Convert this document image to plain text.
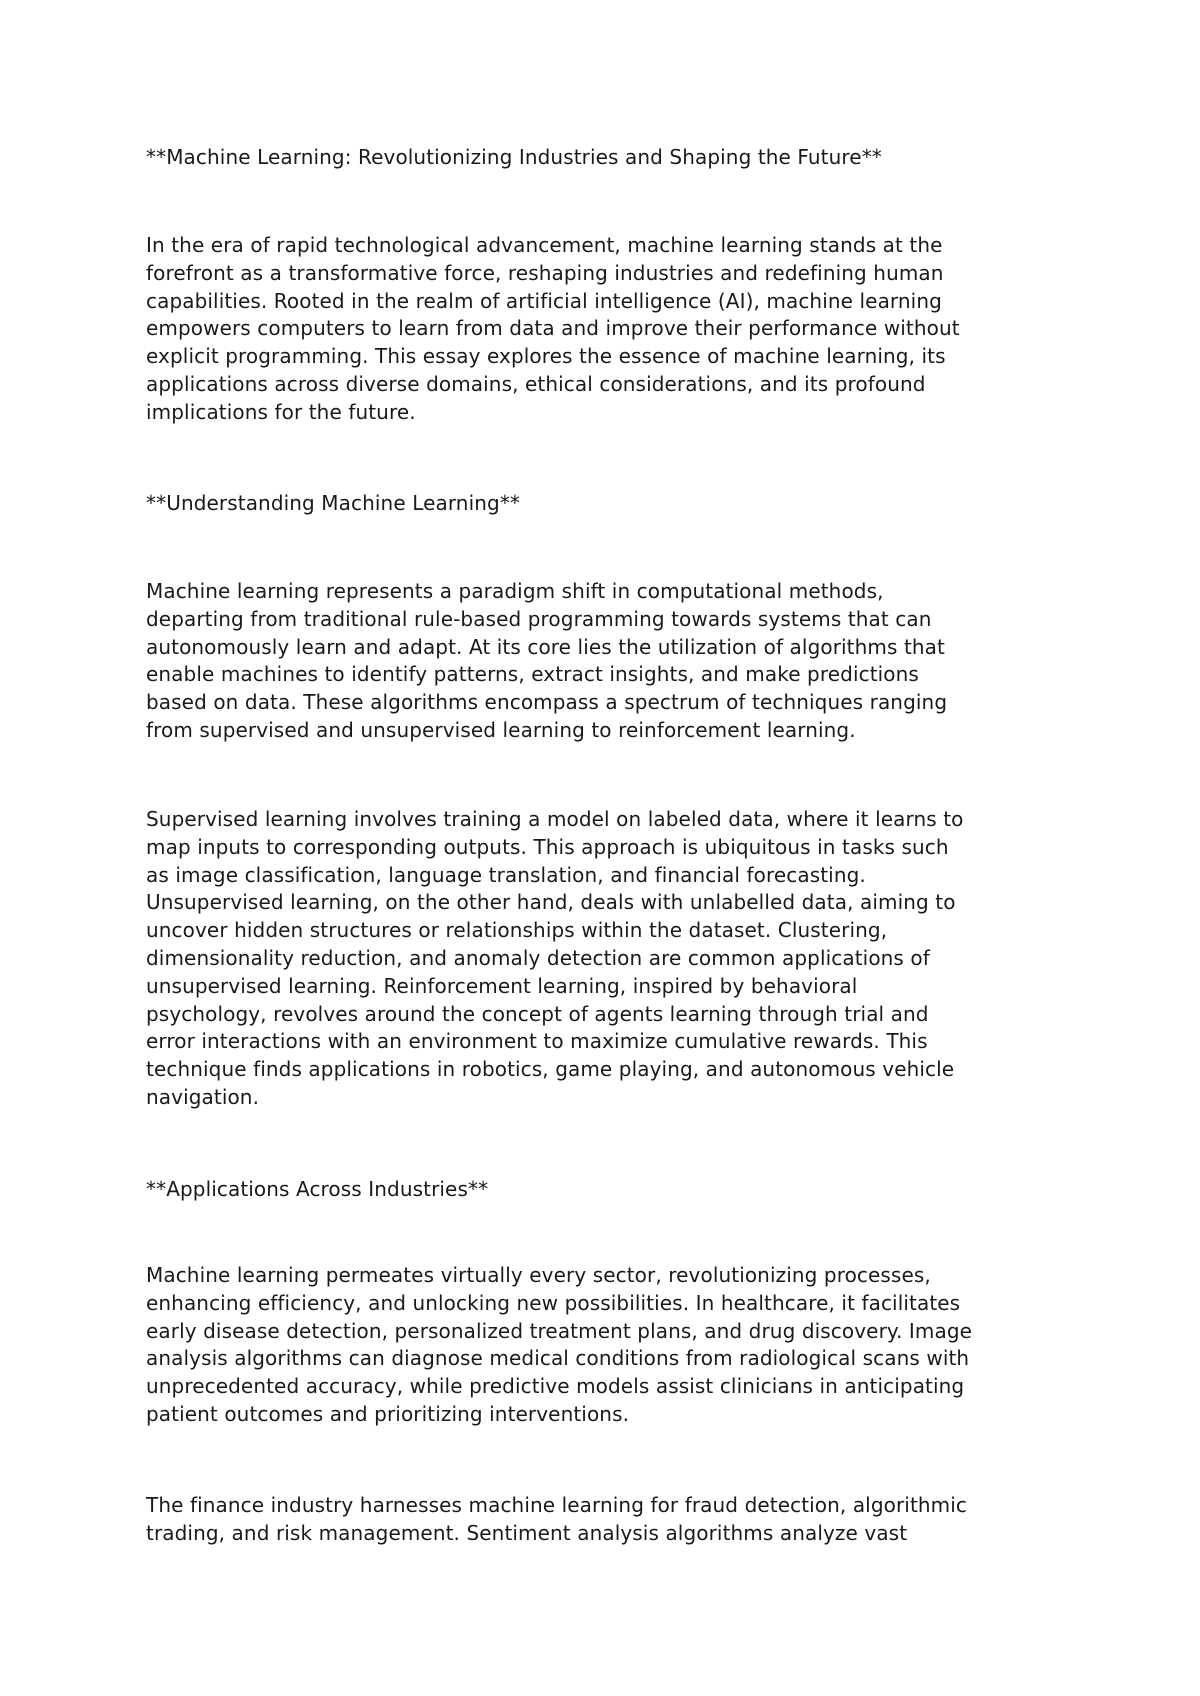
**Machine Learning: Revolutionizing Industries and Shaping the Future**

In the era of rapid technological advancement, machine learning stands at the
forefront as a transformative force, reshaping industries and redefining human
capabilities. Rooted in the realm of artificial intelligence (AI), machine learning
empowers computers to learn from data and improve their performance without
explicit programming. This essay explores the essence of machine learning, its
applications across diverse domains, ethical considerations, and its profound
implications for the future.

**Understanding Machine Learning**

Machine learning represents a paradigm shift in computational methods,
departing from traditional rule-based programming towards systems that can
autonomously learn and adapt. At its core lies the utilization of algorithms that
enable machines to identify patterns, extract insights, and make predictions
based on data. These algorithms encompass a spectrum of techniques ranging
from supervised and unsupervised learning to reinforcement learning.

Supervised learning involves training a model on labeled data, where it learns to
map inputs to corresponding outputs. This approach is ubiquitous in tasks such
as image classification, language translation, and financial forecasting.
Unsupervised learning, on the other hand, deals with unlabelled data, aiming to
uncover hidden structures or relationships within the dataset. Clustering,
dimensionality reduction, and anomaly detection are common applications of
unsupervised learning. Reinforcement learning, inspired by behavioral
psychology, revolves around the concept of agents learning through trial and
error interactions with an environment to maximize cumulative rewards. This
technique finds applications in robotics, game playing, and autonomous vehicle
navigation.

**Applications Across Industries**

Machine learning permeates virtually every sector, revolutionizing processes,
enhancing efficiency, and unlocking new possibilities. In healthcare, it facilitates
early disease detection, personalized treatment plans, and drug discovery. Image
analysis algorithms can diagnose medical conditions from radiological scans with
unprecedented accuracy, while predictive models assist clinicians in anticipating
patient outcomes and prioritizing interventions.

The finance industry harnesses machine learning for fraud detection, algorithmic
trading, and risk management. Sentiment analysis algorithms analyze vast
